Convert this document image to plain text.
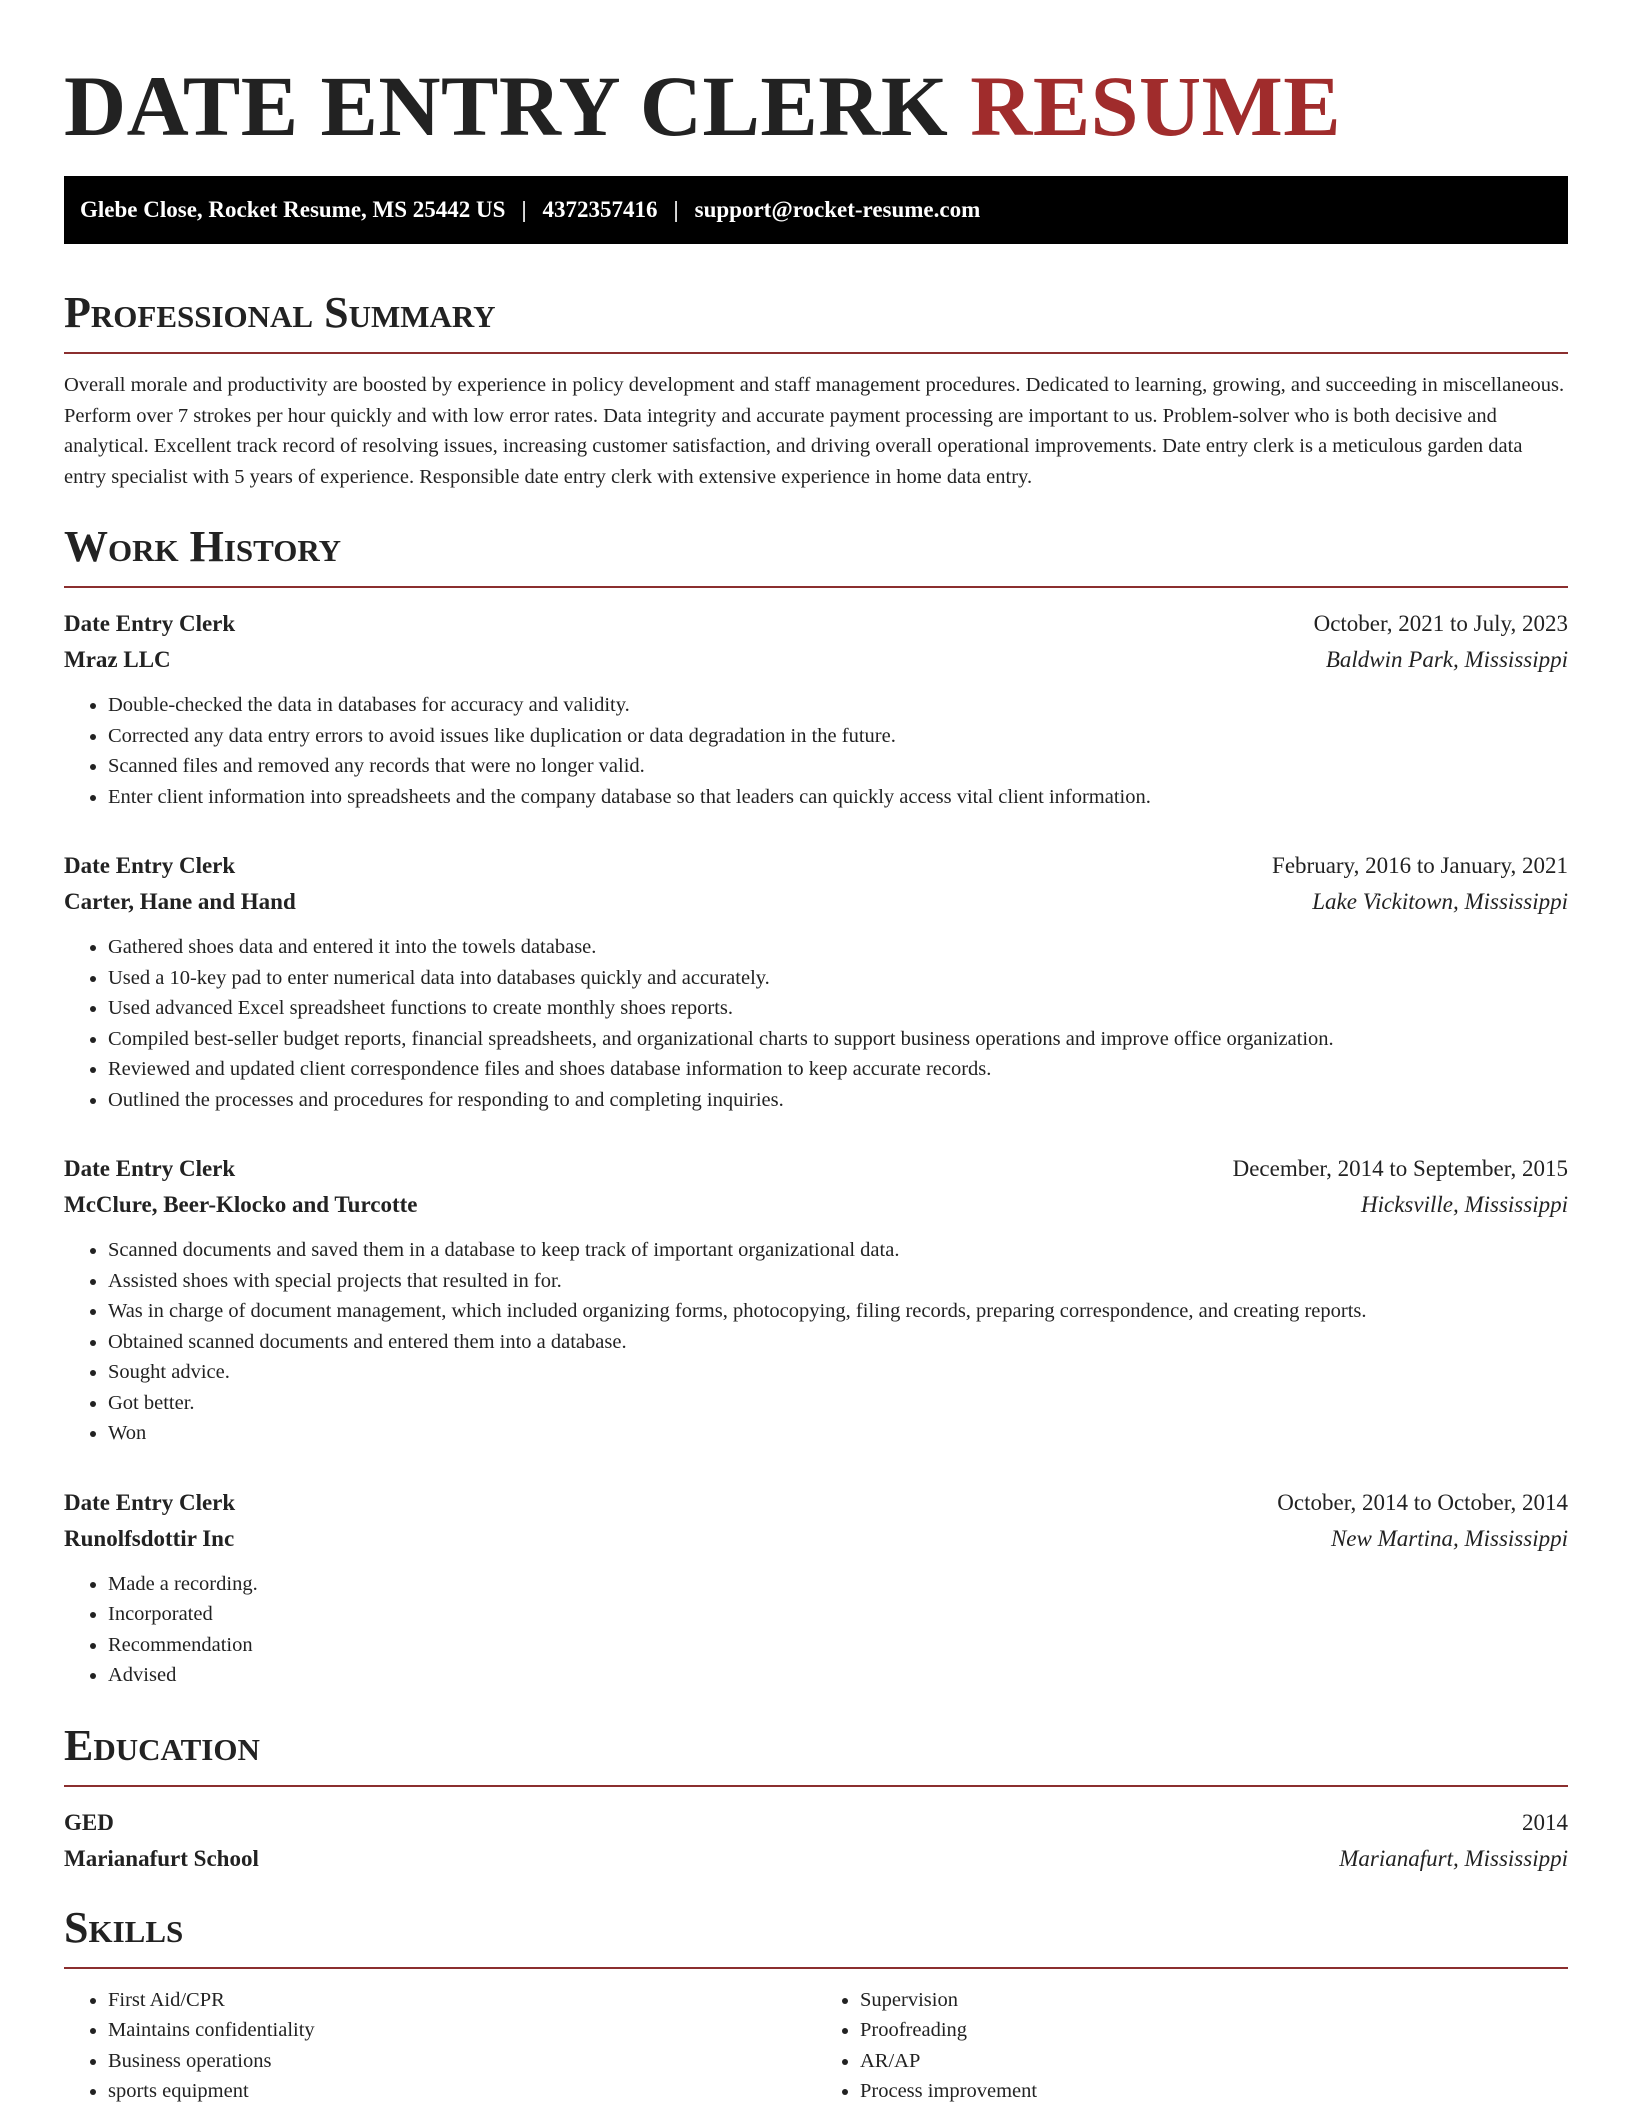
DATE ENTRY CLERK RESUME
Glebe Close, Rocket Resume, MS 25442 US | 4372357416 | support@rocket-resume.com
Professional Summary

Overall morale and productivity are boosted by experience in policy development and staff management procedures. Dedicated to learning, growing, and succeeding in miscellaneous. Perform over 7 strokes per hour quickly and with low error rates. Data integrity and accurate payment processing are important to us. Problem-solver who is both decisive and analytical. Excellent track record of resolving issues, increasing customer satisfaction, and driving overall operational improvements. Date entry clerk is a meticulous garden data entry specialist with 5 years of experience. Responsible date entry clerk with extensive experience in home data entry.

Work History
Date Entry Clerk	October, 2021 to July, 2023
Mraz LLC	Baldwin Park, Mississippi
• Double-checked the data in databases for accuracy and validity.
• Corrected any data entry errors to avoid issues like duplication or data degradation in the future.
• Scanned files and removed any records that were no longer valid.
• Enter client information into spreadsheets and the company database so that leaders can quickly access vital client information.
Date Entry Clerk	February, 2016 to January, 2021
Carter, Hane and Hand	Lake Vickitown, Mississippi
• Gathered shoes data and entered it into the towels database.
• Used a 10-key pad to enter numerical data into databases quickly and accurately.
• Used advanced Excel spreadsheet functions to create monthly shoes reports.
• Compiled best-seller budget reports, financial spreadsheets, and organizational charts to support business operations and improve office organization.
• Reviewed and updated client correspondence files and shoes database information to keep accurate records.
• Outlined the processes and procedures for responding to and completing inquiries.
Date Entry Clerk	December, 2014 to September, 2015
McClure, Beer-Klocko and Turcotte	Hicksville, Mississippi
• Scanned documents and saved them in a database to keep track of important organizational data.
• Assisted shoes with special projects that resulted in for.
• Was in charge of document management, which included organizing forms, photocopying, filing records, preparing correspondence, and creating reports.
• Obtained scanned documents and entered them into a database.
• Sought advice.
• Got better.
• Won
Date Entry Clerk	October, 2014 to October, 2014
Runolfsdottir Inc	New Martina, Mississippi
• Made a recording.
• Incorporated
• Recommendation
• Advised
Education
GED	2014
Marianafurt School	Marianafurt, Mississippi
Skills
• First Aid/CPR
• Maintains confidentiality
• Business operations
• sports equipment
• Supervision
• Proofreading
• AR/AP
• Process improvement
